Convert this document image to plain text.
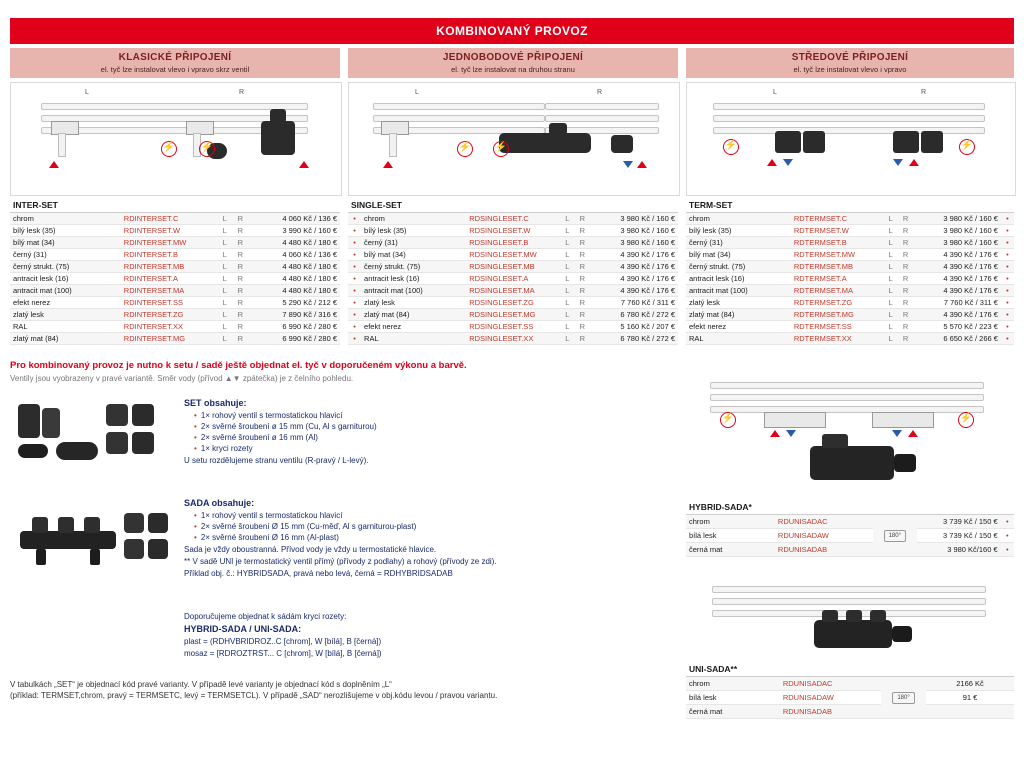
KOMBINOVANÝ PROVOZ
KLASICKÉ PŘIPOJENÍ
el. tyč lze instalovat vlevo i vpravo skrz ventil
JEDNOBODOVÉ PŘIPOJENÍ
el. tyč lze instalovat na druhou stranu
STŘEDOVÉ PŘIPOJENÍ
el. tyč lze instalovat vlevo i vpravo
L	R
⚡	⚡
L	R
⚡ ⚡
L	R
⚡	⚡
INTER-SET				
chrom	RDINTERSET.C	L	R	4 060 Kč / 136 €
bílý lesk (35)	RDINTERSET.W	L	R	3 990 Kč / 160 €
bílý mat (34)	RDINTERSET.MW	L	R	4 480 Kč / 180 €
černý (31)	RDINTERSET.B	L	R	4 060 Kč / 136 €
černý strukt. (75)	RDINTERSET.MB	L	R	4 480 Kč / 180 €
antracit lesk (16)	RDINTERSET.A	L	R	4 480 Kč / 180 €
antracit mat (100)	RDINTERSET.MA	L	R	4 480 Kč / 180 €
efekt nerez	RDINTERSET.SS	L	R	5 290 Kč / 212 €
zlatý lesk	RDINTERSET.ZG	L	R	7 890 Kč / 316 €
RAL	RDINTERSET.XX	L	R	6 990 Kč / 280 €
zlatý mat (84)	RDINTERSET.MG	L	R	6 990 Kč / 280 €
SINGLE-SET					
•	chrom	RDSINGLESET.C	L	R	3 980 Kč / 160 €
•	bílý lesk (35)	RDSINGLESET.W	L	R	3 980 Kč / 160 €
•	černý (31)	RDSINGLESET.B	L	R	3 980 Kč / 160 €
•	bílý mat (34)	RDSINGLESET.MW	L	R	4 390 Kč / 176 €
•	černý strukt. (75)	RDSINGLESET.MB	L	R	4 390 Kč / 176 €
•	antracit lesk (16)	RDSINGLESET.A	L	R	4 390 Kč / 176 €
•	antracit mat (100)	RDSINGLESET.MA	L	R	4 390 Kč / 176 €
•	zlatý lesk	RDSINGLESET.ZG	L	R	7 760 Kč / 311 €
•	zlatý mat (84)	RDSINGLESET.MG	L	R	6 780 Kč / 272 €
•	efekt nerez	RDSINGLESET.SS	L	R	5 160 Kč / 207 €
•	RAL	RDSINGLESET.XX	L	R	6 780 Kč / 272 €
TERM-SET					
chrom	RDTERMSET.C	L	R	3 980 Kč / 160 €	•
bílý lesk (35)	RDTERMSET.W	L	R	3 980 Kč / 160 €	•
černý (31)	RDTERMSET.B	L	R	3 980 Kč / 160 €	•
bílý mat (34)	RDTERMSET.MW	L	R	4 390 Kč / 176 €	•
černý strukt. (75)	RDTERMSET.MB	L	R	4 390 Kč / 176 €	•
antracit lesk (16)	RDTERMSET.A	L	R	4 390 Kč / 176 €	•
antracit mat (100)	RDTERMSET.MA	L	R	4 390 Kč / 176 €	•
zlatý lesk	RDTERMSET.ZG	L	R	7 760 Kč / 311 €	•
zlatý mat (84)	RDTERMSET.MG	L	R	4 390 Kč / 176 €	•
efekt nerez	RDTERMSET.SS	L	R	5 570 Kč / 223 €	•
RAL	RDTERMSET.XX	L	R	6 650 Kč / 266 €	•
Pro kombinovaný provoz je nutno k setu / sadě ještě objednat el. tyč v doporučeném výkonu a barvě.
Ventily jsou vyobrazeny v pravé variantě. Směr vody (přívod ▲▼ zpátečka) je z čelního pohledu.
SET obsahuje:
• 1× rohový ventil s termostatickou hlavicí
• 2× svěrné šroubení ø 15 mm (Cu, Al s garniturou)
• 2× svěrné šroubení ø 16 mm (Al)
• 1× kryci rozety

U setu rozdělujeme stranu ventilu (R-pravý / L-levý).

SADA obsahuje:
• 1× rohový ventil s termostatickou hlavicí
• 2× svěrné šroubení Ø 15 mm (Cu-měď, Al s garniturou-plast)
• 2× svěrné šroubení Ø 16 mm (Al-plast)

Sada je vždy oboustranná. Přívod vody je vždy u termostatické hlavice.

** V sadě UNI je termostatický ventil přímý (přívody z podlahy) a rohový (přívody ze zdi).

Příklad obj. č.: HYBRIDSADA, pravá nebo levá, černá = RDHYBRIDSADAB

Doporučujeme objednat k sádám kryci rozety:

HYBRID-SADA / UNI-SADA:

plast = (RDHVBRIDROZ..C [chrom], W [bílá], B [černá])

mosaz = [RDROZTRST... C [chrom], W [bílá], B [černá])

V tabulkách „SET“ je objednací kód pravé varianty. V případě levé varianty je objednací kód s doplněním „L“
(příklad: TERMSET,chrom, pravý = TERMSETC, levý = TERMSETCL). V případě „SAD“ nerozlišujeme v obj.kódu levou / pravou variantu.
⚡	⚡
HYBRID-SADA*				
chrom	RDUNISADAC	180°	3 739 Kč / 150 €	•
bílá lesk	RDUNISADAW		3 739 Kč / 150 €	•
černá mat	RDUNISADAB		3 980 Kč/160 €	•
UNI-SADA**			
chrom	RDUNISADAC	180°	2166 Kč
bílá lesk	RDUNISADAW		91 €
černá mat	RDUNISADAB		
